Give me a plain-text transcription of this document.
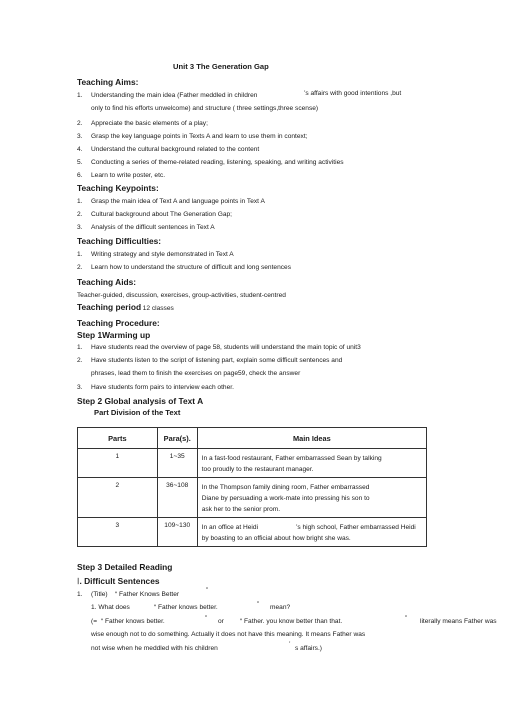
Unit 3 The Generation Gap
Teaching Aims:
1. Understanding the main idea (Father meddled in children	’s affairs with good intentions ,but
only to find his efforts unwelcome) and structure ( three settings,three scense)
2. Appreciate the basic elements of a play;
3. Grasp the key language points in Texts A and learn to use them in context;
4. Understand the cultural background related to the content
5. Conducting a series of theme-related reading, listening, speaking, and writing activities
6. Learn to write poster, etc.
Teaching Keypoints:
1. Grasp the main idea of Text A and language points in Text A
2. Cultural background about The Generation Gap;
3. Analysis of the difficult sentences in Text A
Teaching Difficulties:
1. Writing strategy and style demonstrated in Text A
2. Learn how to understand the structure of difficult and long sentences
Teaching Aids:
Teacher-guided, discussion, exercises, group-activities, student-centred
Teaching period
: 12 classes
Teaching Procedure:
Step 1Warming up
1. Have students read the overview of page 58, students will understand the main topic of unit3
2. Have students listen to the script of listening part, explain some difficult sentences and
phrases, lead them to finish the exercises on page59, check the answer
3. Have students form pairs to interview each other.
Step 2 Global analysis of Text A
Part Division of the Text
Parts	Para(s).	Main Ideas
1	1~35	In a fast-food restaurant, Father embarrassed Sean by talking
too proudly to the restaurant manager.

2	36~108	In the Thompson family dining room, Father embarrassed
Diane by persuading a work-mate into pressing his son to
ask her to the senior prom.

3	109~130	In an office at Heidi ’s high school, Father embarrassed Heidi
by boasting to an official about how bright she was.
Step 3 Detailed Reading
Ⅰ. Difficult Sentences
1. (Title) “ Father Knows Better
”
1. What does	“ Father knows better.	” mean?
(= “ Father knows better.	” or “ Father. you know better than that.	” literally means Father was
wise enough not to do something. Actually it does not have this meaning. It means Father was
not wise when he meddled with his children
’
s affairs.)
